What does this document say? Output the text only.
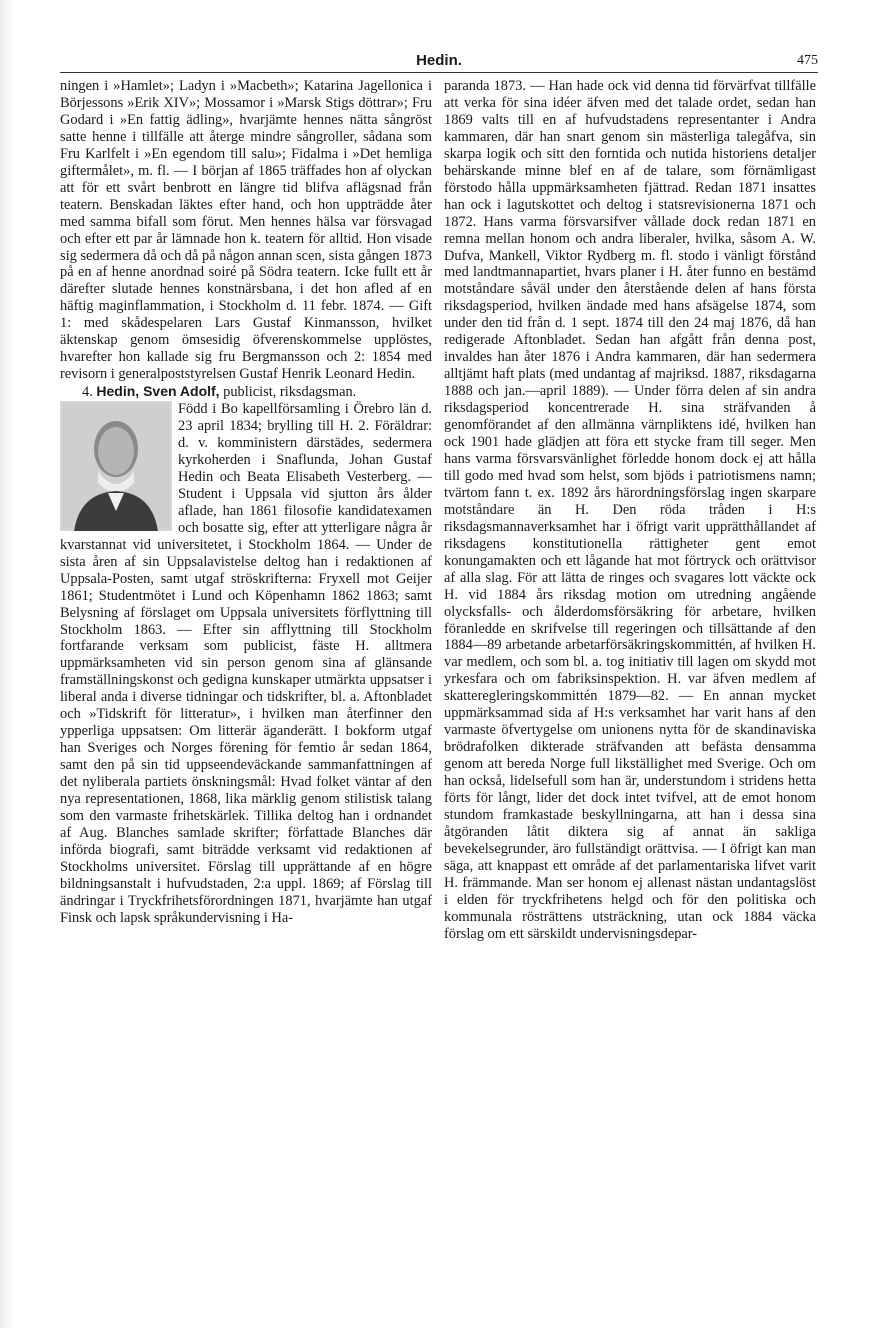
Hedin.	475

ningen i »Hamlet»; Ladyn i »Macbeth»; Katarina Jagellonica i Börjessons »Erik XIV»; Mossamor i »Marsk Stigs döttrar»; Fru Godard i »En fattig ädling», hvarjämte hennes nätta sångröst satte henne i tillfälle att återge mindre sångroller, sådana som Fru Karlfelt i »En egendom till salu»; Fidalma i »Det hemliga giftermålet», m. fl. — I början af 1865 träffades hon af olyckan att för ett svårt benbrott en längre tid blifva aflägsnad från teatern. Benskadan läktes efter hand, och hon uppträdde åter med samma bifall som förut. Men hennes hälsa var försvagad och efter ett par år lämnade hon k. teatern för alltid. Hon visade sig sedermera då och då på någon annan scen, sista gången 1873 på en af henne anordnad soiré på Södra teatern. Icke fullt ett år därefter slutade hennes konstnärsbana, i det hon afled af en häftig maginflammation, i Stockholm d. 11 febr. 1874. — Gift 1: med skådespelaren Lars Gustaf Kinmansson, hvilket äktenskap genom ömsesidig öfverenskommelse upplöstes, hvarefter hon kallade sig fru Bergmansson och 2: 1854 med revisorn i generalpoststyrelsen Gustaf Henrik Leonard Hedin.

4. Hedin, Sven Adolf, publicist, riksdagsman.

Född i Bo kapellförsamling i Örebro län d. 23 april 1834; brylling till H. 2. Föräldrar: d. v. komministern därstädes, sedermera kyrkoherden i Snaflunda, Johan Gustaf Hedin och Beata Elisabeth Vesterberg. — Student i Uppsala vid sjutton års ålder aflade, han 1861 filosofie kandidatexamen och bosatte sig, efter att ytterligare några år kvarstannat vid universitetet, i Stockholm 1864. — Under de sista åren af sin Uppsalavistelse deltog han i redaktionen af Uppsala-Posten, samt utgaf ströskrifterna: Fryxell mot Geijer 1861; Studentmötet i Lund och Köpenhamn 1862 1863; samt Belysning af förslaget om Uppsala universitets förflyttning till Stockholm 1863. — Efter sin afflyttning till Stockholm fortfarande verksam som publicist, fäste H. alltmera uppmärksamheten vid sin person genom sina af glänsande framställningskonst och gedigna kunskaper utmärkta uppsatser i liberal anda i diverse tidningar och tidskrifter, bl. a. Aftonbladet och »Tidskrift för litteratur», i hvilken man återfinner den ypperliga uppsatsen: Om litterär äganderätt. I bokform utgaf han Sveriges och Norges förening för femtio år sedan 1864, samt den på sin tid uppseendeväckande sammanfattningen af det nyliberala partiets önskningsmål: Hvad folket väntar af den nya representationen, 1868, lika märklig genom stilistisk talang som den varmaste frihetskärlek. Tillika deltog han i ordnandet af Aug. Blanches samlade skrifter; författade Blanches där införda biografi, samt biträdde verksamt vid redaktionen af Stockholms universitet. Förslag till upprättande af en högre bildningsanstalt i hufvudstaden, 2:a uppl. 1869; af Förslag till ändringar i Tryckfrihetsförordningen 1871, hvarjämte han utgaf Finsk och lapsk språkundervisning i Ha-

paranda 1873. — Han hade ock vid denna tid förvärfvat tillfälle att verka för sina idéer äfven med det talade ordet, sedan han 1869 valts till en af hufvudstadens representanter i Andra kammaren, där han snart genom sin mästerliga talegåfva, sin skarpa logik och sitt den forntida och nutida historiens detaljer behärskande minne blef en af de talare, som förnämligast förstodo hålla uppmärksamheten fjättrad. Redan 1871 insattes han ock i lagutskottet och deltog i statsrevisionerna 1871 och 1872. Hans varma försvarsifver vållade dock redan 1871 en remna mellan honom och andra liberaler, hvilka, såsom A. W. Dufva, Mankell, Viktor Rydberg m. fl. stodo i vänligt förstånd med landtmannapartiet, hvars planer i H. åter funno en bestämd motståndare såväl under den återstående delen af hans första riksdagsperiod, hvilken ändade med hans afsägelse 1874, som under den tid från d. 1 sept. 1874 till den 24 maj 1876, då han redigerade Aftonbladet. Sedan han afgått från denna post, invaldes han åter 1876 i Andra kammaren, där han sedermera alltjämt haft plats (med undantag af majriksd. 1887, riksdagarna 1888 och jan.—april 1889). — Under förra delen af sin andra riksdagsperiod koncentrerade H. sina sträfvanden å genomförandet af den allmänna värnpliktens idé, hvilken han ock 1901 hade glädjen att föra ett stycke fram till seger. Men hans varma försvarsvänlighet förledde honom dock ej att hålla till godo med hvad som helst, som bjöds i patriotismens namn; tvärtom fann t. ex. 1892 års härordningsförslag ingen skarpare motståndare än H. Den röda tråden i H:s riksdagsmannaverksamhet har i öfrigt varit upprätthållandet af riksdagens konstitutionella rättigheter gent emot konungamakten och ett lågande hat mot förtryck och orättvisor af alla slag. För att lätta de ringes och svagares lott väckte ock H. vid 1884 års riksdag motion om utredning angående olycksfalls- och ålderdomsförsäkring för arbetare, hvilken föranledde en skrifvelse till regeringen och tillsättande af den 1884—89 arbetande arbetarförsäkringskommittén, af hvilken H. var medlem, och som bl. a. tog initiativ till lagen om skydd mot yrkesfara och om fabriksinspektion. H. var äfven medlem af skatteregleringskommittén 1879—82. — En annan mycket uppmärksammad sida af H:s verksamhet har varit hans af den varmaste öfvertygelse om unionens nytta för de skandinaviska brödrafolken dikterade sträfvanden att befästa densamma genom att bereda Norge full likställighet med Sverige. Och om han också, lidelsefull som han är, understundom i stridens hetta förts för långt, lider det dock intet tvifvel, att de emot honom stundom framkastade beskyllningarna, att han i dessa sina åtgöranden låtit diktera sig af annat än sakliga bevekelsegrunder, äro fullständigt orättvisa. — I öfrigt kan man säga, att knappast ett område af det parlamentariska lifvet varit H. främmande. Man ser honom ej allenast nästan undantagslöst i elden för tryckfrihetens helgd och för den politiska och kommunala rösträttens utsträckning, utan ock 1884 väcka förslag om ett särskildt undervisningsdepar-
